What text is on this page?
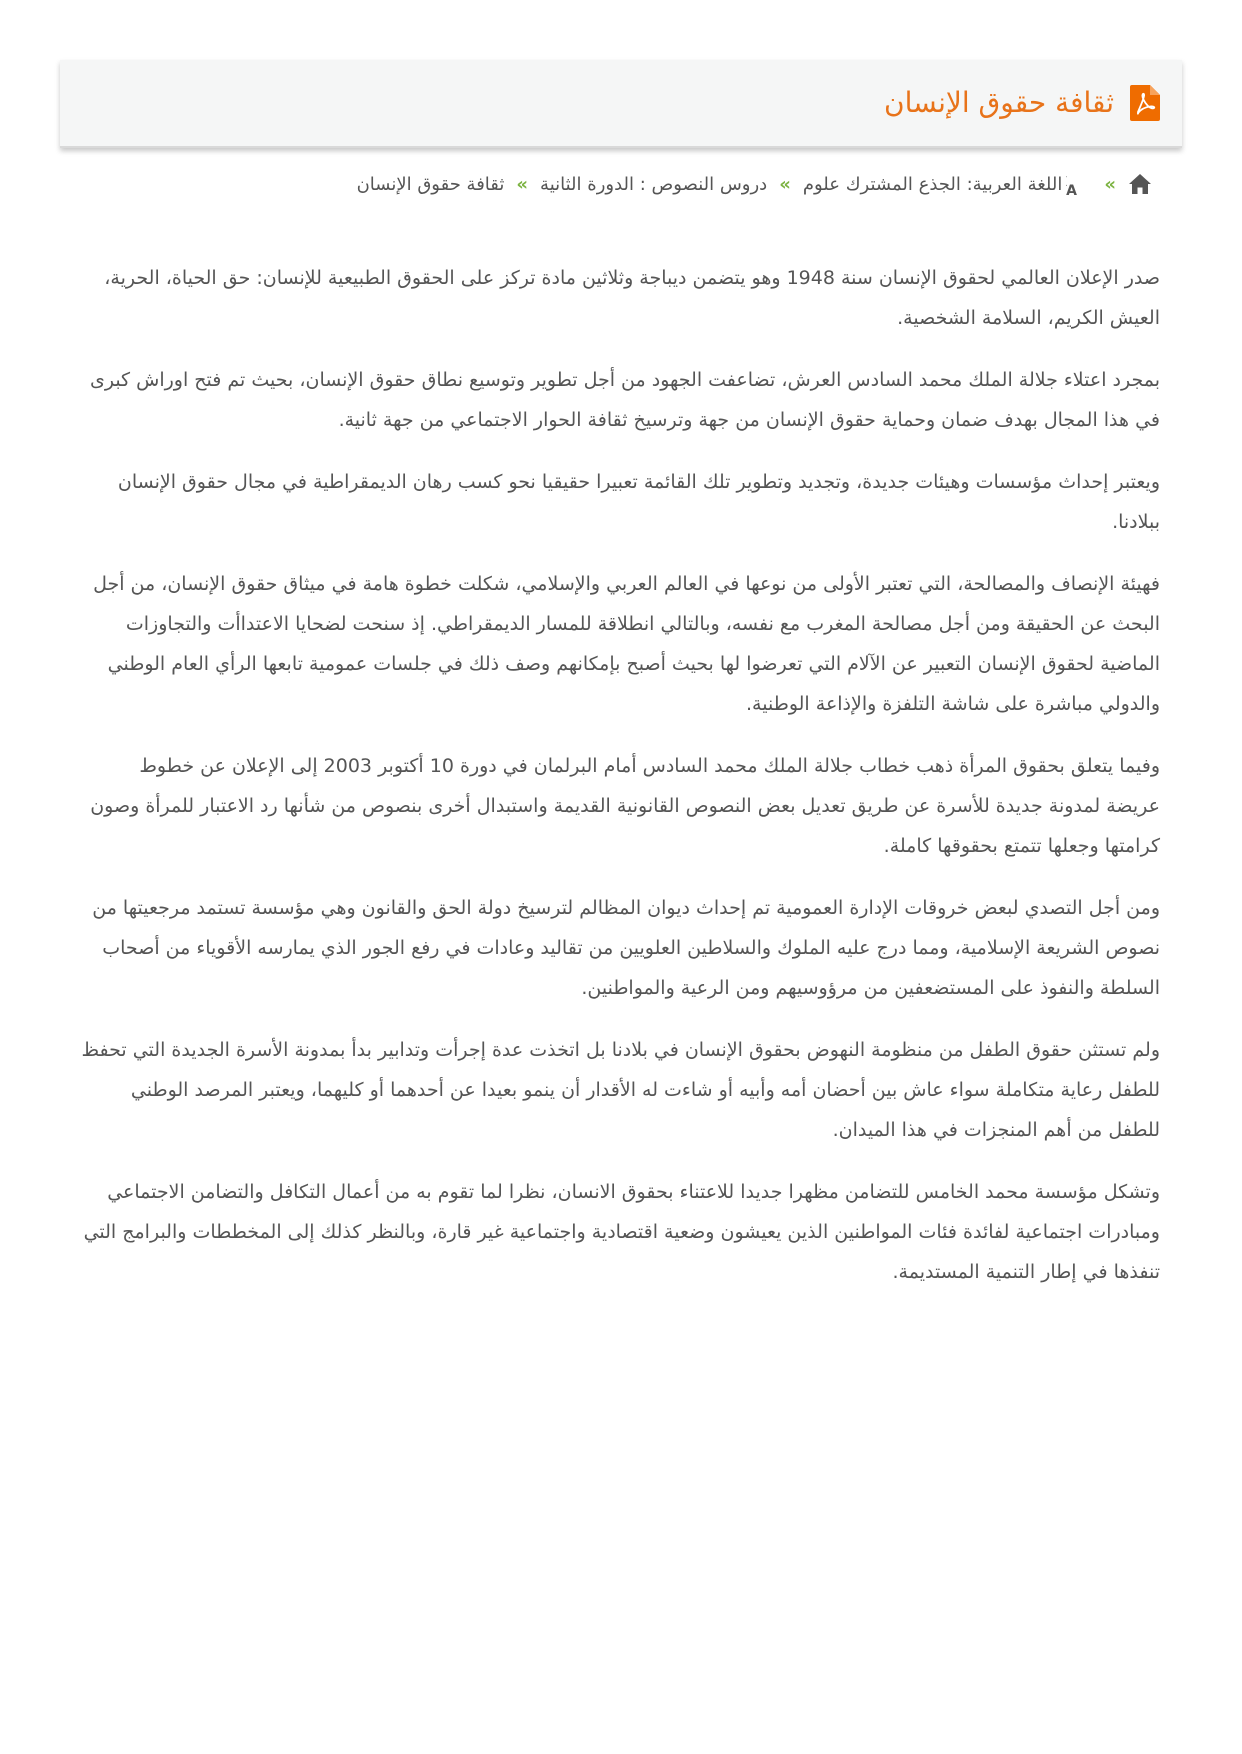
ثقافة حقوق الإنسان
»
A
اللغة العربية: الجذع المشترك علوم
»
دروس النصوص : الدورة الثانية
»
ثقافة حقوق الإنسان

صدر الإعلان العالمي لحقوق الإنسان سنة 1948 وهو يتضمن ديباجة وثلاثين مادة تركز على الحقوق الطبيعية للإنسان: حق الحياة، الحرية، العيش الكريم، السلامة الشخصية.

بمجرد اعتلاء جلالة الملك محمد السادس العرش، تضاعفت الجهود من أجل تطوير وتوسيع نطاق حقوق الإنسان، بحيث تم فتح اوراش كبرى في هذا المجال بهدف ضمان وحماية حقوق الإنسان من جهة وترسيخ ثقافة الحوار الاجتماعي من جهة ثانية.

ويعتبر إحداث مؤسسات وهيئات جديدة، وتجديد وتطوير تلك القائمة تعبيرا حقيقيا نحو كسب رهان الديمقراطية في مجال حقوق الإنسان ببلادنا.

فهيئة الإنصاف والمصالحة، التي تعتبر الأولى من نوعها في العالم العربي والإسلامي، شكلت خطوة هامة في ميثاق حقوق الإنسان، من أجل البحث عن الحقيقة ومن أجل مصالحة المغرب مع نفسه، وبالتالي انطلاقة للمسار الديمقراطي. إذ سنحت لضحايا الاعتداأت والتجاوزات الماضية لحقوق الإنسان التعبير عن الآلام التي تعرضوا لها بحيث أصبح بإمكانهم وصف ذلك في جلسات عمومية تابعها الرأي العام الوطني والدولي مباشرة على شاشة التلفزة والإذاعة الوطنية.

وفيما يتعلق بحقوق المرأة ذهب خطاب جلالة الملك محمد السادس أمام البرلمان في دورة 10 أكتوبر 2003 إلى الإعلان عن خطوط عريضة لمدونة جديدة للأسرة عن طريق تعديل بعض النصوص القانونية القديمة واستبدال أخرى بنصوص من شأنها رد الاعتبار للمرأة وصون كرامتها وجعلها تتمتع بحقوقها كاملة.

ومن أجل التصدي لبعض خروقات الإدارة العمومية تم إحداث ديوان المظالم لترسيخ دولة الحق والقانون وهي مؤسسة تستمد مرجعيتها من نصوص الشريعة الإسلامية، ومما درج عليه الملوك والسلاطين العلويين من تقاليد وعادات في رفع الجور الذي يمارسه الأقوياء من أصحاب السلطة والنفوذ على المستضعفين من مرؤوسيهم ومن الرعية والمواطنين.

ولم تستثن حقوق الطفل من منظومة النهوض بحقوق الإنسان في بلادنا بل اتخذت عدة إجرأت وتدابير بدأ بمدونة الأسرة الجديدة التي تحفظ للطفل رعاية متكاملة سواء عاش بين أحضان أمه وأبيه أو شاءت له الأقدار أن ينمو بعيدا عن أحدهما أو كليهما، ويعتبر المرصد الوطني للطفل من أهم المنجزات في هذا الميدان.

وتشكل مؤسسة محمد الخامس للتضامن مظهرا جديدا للاعتناء بحقوق الانسان، نظرا لما تقوم به من أعمال التكافل والتضامن الاجتماعي ومبادرات اجتماعية لفائدة فئات المواطنين الذين يعيشون وضعية اقتصادية واجتماعية غير قارة، وبالنظر كذلك إلى المخططات والبرامج التي تنفذها في إطار التنمية المستديمة.
